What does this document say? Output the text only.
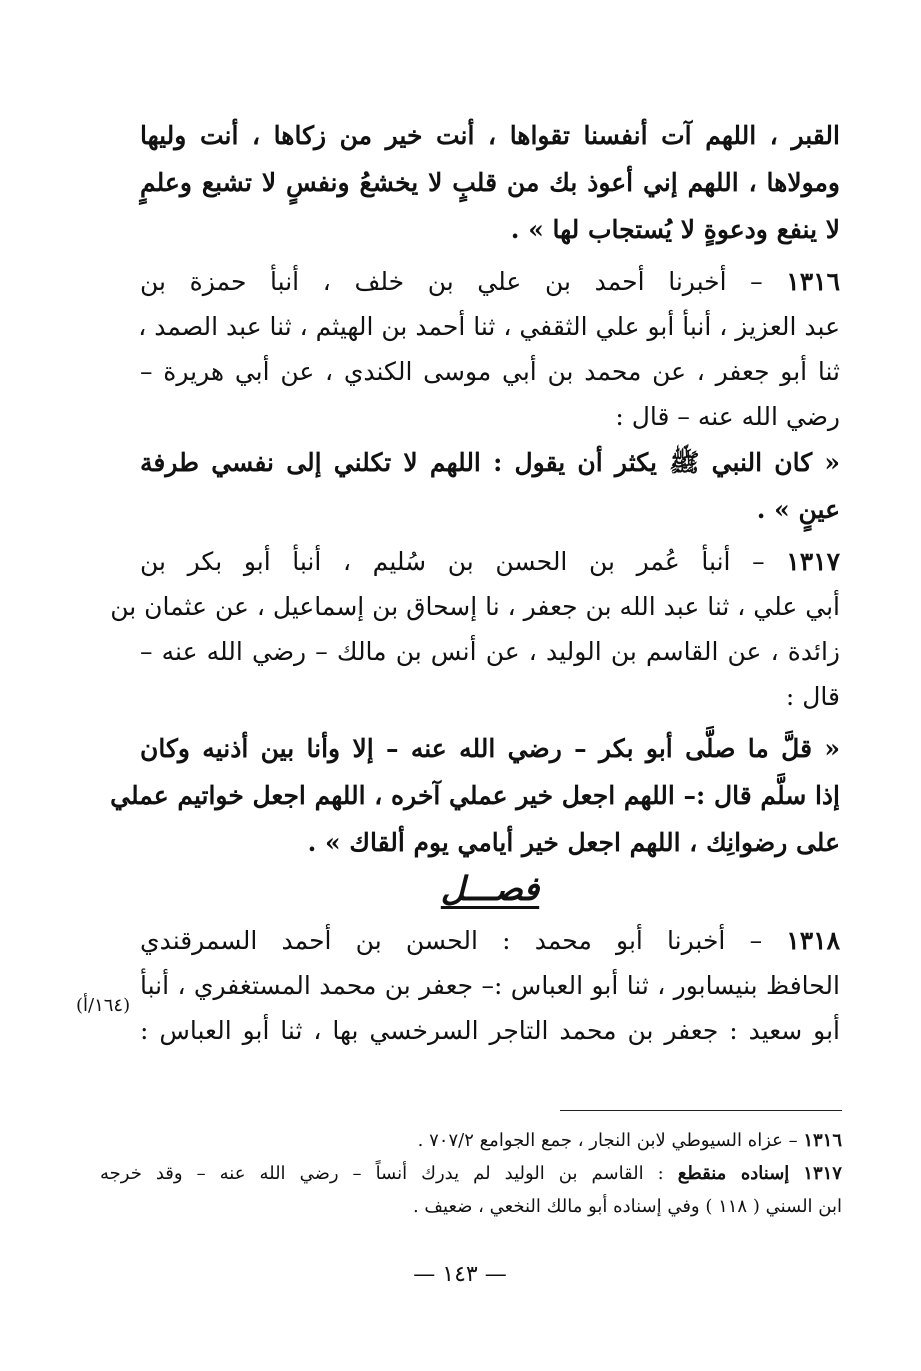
القبر ، اللهم آت أنفسنا تقواها ، أنت خير من زكاها ، أنت وليها
ومولاها ، اللهم إني أعوذ بك من قلبٍ لا يخشعُ ونفسٍ لا تشبع وعلمٍ
لا ينفع ودعوةٍ لا يُستجاب لها » .
١٣١٦ – أخبرنا أحمد بن علي بن خلف ، أنبأ حمزة بن
عبد العزيز ، أنبأ أبو علي الثقفي ، ثنا أحمد بن الهيثم ، ثنا عبد الصمد ،
ثنا أبو جعفر ، عن محمد بن أبي موسى الكندي ، عن أبي هريرة –
رضي الله عنه – قال :
« كان النبي ﷺ يكثر أن يقول : اللهم لا تكلني إلى نفسي طرفة
عينٍ » .
١٣١٧ – أنبأ عُمر بن الحسن بن سُليم ، أنبأ أبو بكر بن
أبي علي ، ثنا عبد الله بن جعفر ، نا إسحاق بن إسماعيل ، عن عثمان بن
زائدة ، عن القاسم بن الوليد ، عن أنس بن مالك – رضي الله عنه –
قال :
« قلَّ ما صلَّى أبو بكر – رضي الله عنه – إلا وأنا بين أذنيه وكان
إذا سلَّم قال :– اللهم اجعل خير عملي آخره ، اللهم اجعل خواتيم عملي
على رضوانِك ، اللهم اجعل خير أيامي يوم ألقاك » .
فصـــل
١٣١٨ – أخبرنا أبو محمد : الحسن بن أحمد السمرقندي
الحافظ بنيسابور ، ثنا أبو العباس :– جعفر بن محمد المستغفري ، أنبأ
أبو سعيد : جعفر بن محمد التاجر السرخسي بها ، ثنا أبو العباس :
(١٦٤/أ)
١٣١٦ – عزاه السيوطي لابن النجار ، جمع الجوامع ٧٠٧/٢ .
١٣١٧ إسناده منقطع : القاسم بن الوليد لم يدرك أنساً – رضي الله عنه – وقد خرجه
ابن السني ( ١١٨ ) وفي إسناده أبو مالك النخعي ، ضعيف .
— ١٤٣ —
